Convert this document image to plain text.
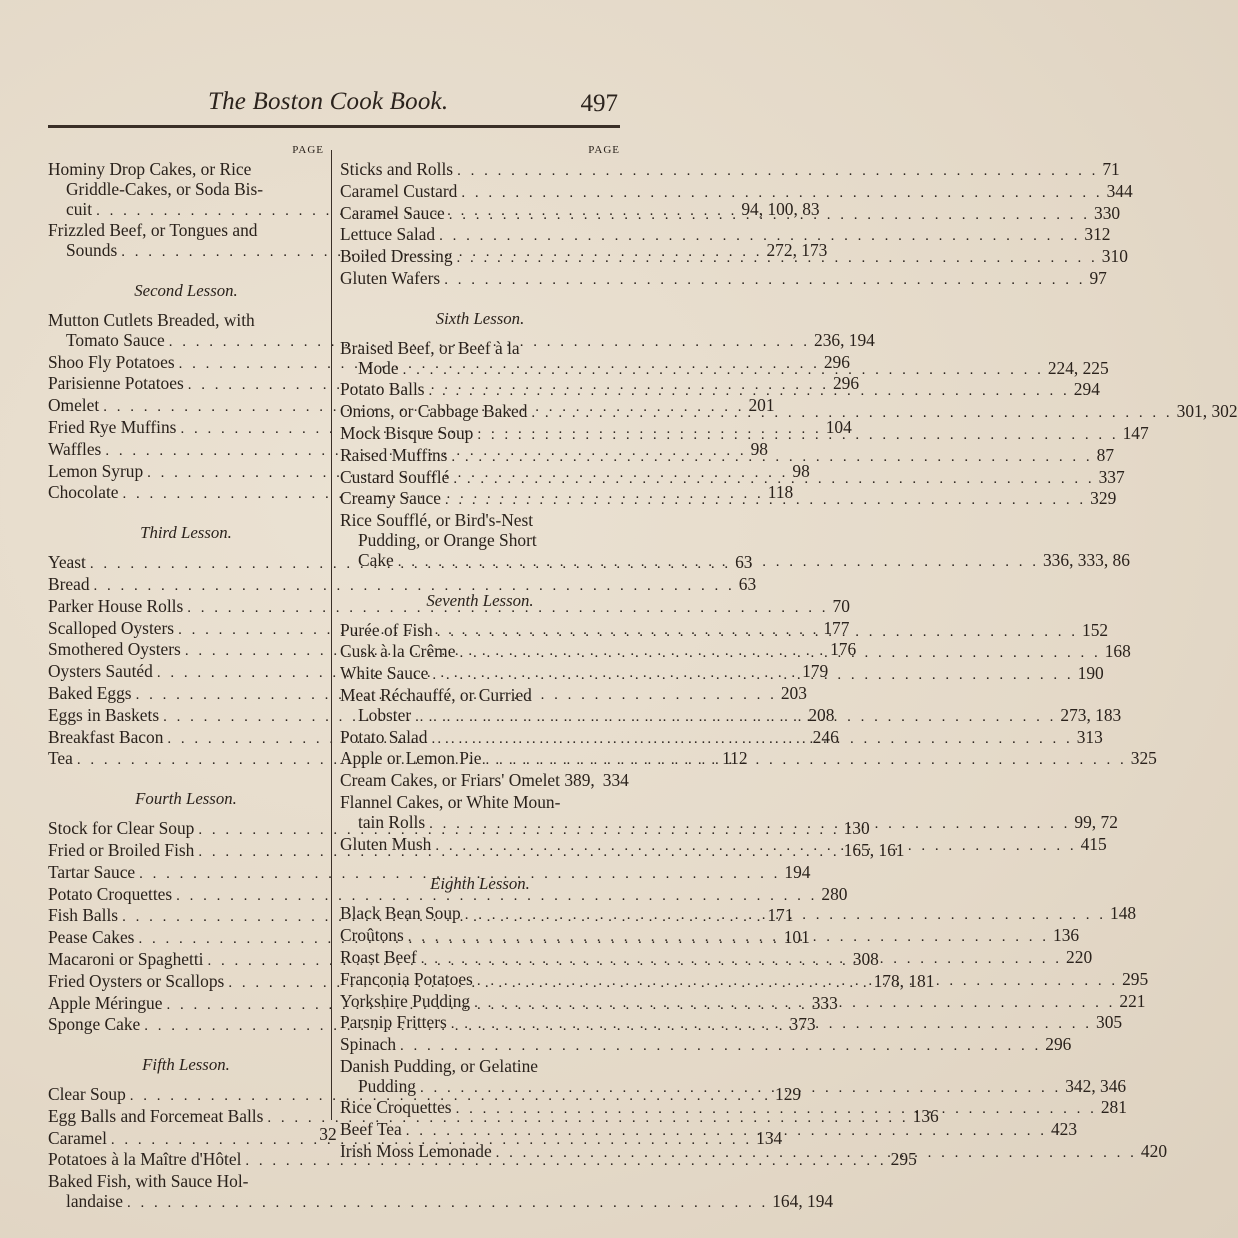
The Boston Cook Book.	497
PAGE
Hominy Drop Cakes, or Rice
Griddle-Cakes, or Soda Bis-
cuit . . .	94, 100, 83
Frizzled Beef, or Tongues and
Sounds . . .	272, 173
Second Lesson.
Mutton Cutlets Breaded, with
Tomato Sauce . . .	236, 194
Shoo Fly Potatoes . . .	296
Parisienne Potatoes . . .	296
Omelet . . .	201
Fried Rye Muffins . . .	104
Waffles . . .	98
Lemon Syrup . . .	98
Chocolate . . .	118
Third Lesson.
Yeast . . .	63
Bread . . .	63
Parker House Rolls . . .	70
Scalloped Oysters . . .	177
Smothered Oysters . . .	176
Oysters Sautéd . . .	179
Baked Eggs . . .	203
Eggs in Baskets . . .	208
Breakfast Bacon . . .	246
Tea . . .	112
Fourth Lesson.
Stock for Clear Soup . . .	130
Fried or Broiled Fish . . .	165, 161
Tartar Sauce . . .	194
Potato Croquettes . . .	280
Fish Balls . . .	171
Pease Cakes . . .	101
Macaroni or Spaghetti . . .	308
Fried Oysters or Scallops . . .	178, 181
Apple Méringue . . .	333
Sponge Cake . . .	373
Fifth Lesson.
Clear Soup . . .	129
Egg Balls and Forcemeat Balls . . .	136
Caramel . . .	134
Potatoes à la Maître d'Hôtel . . .	295
Baked Fish, with Sauce Hol-
landaise . . .	164, 194
PAGE
Sticks and Rolls . . .	71
Caramel Custard . . .	344
Caramel Sauce . . .	330
Lettuce Salad . . .	312
Boiled Dressing . . .	310
Gluten Wafers . . .	97
Sixth Lesson.
Braised Beef, or Beef à la
Mode . . .	224, 225
Potato Balls . . .	294
Onions, or Cabbage Baked . . .	301, 302
Mock Bisque Soup . . .	147
Raised Muffins . . .	87
Custard Soufflé . . .	337
Creamy Sauce . . .	329
Rice Soufflé, or Bird's-Nest
Pudding, or Orange Short
Cake . . .	336, 333, 86
Seventh Lesson.
Purée of Fish . . .	152
Cusk à la Crême . . .	168
White Sauce . . .	190
Meat Réchauffé, or Curried
Lobster . . .	273, 183
Potato Salad . . .	313
Apple or Lemon Pie . . .	325
Cream Cakes, or Friars' Omelet 389, 334
Flannel Cakes, or White Moun-
tain Rolls . . .	99, 72
Gluten Mush . . .	415
Eighth Lesson.
Black Bean Soup . . .	148
Croûtons . . .	136
Roast Beef . . .	220
Franconia Potatoes . . .	295
Yorkshire Pudding . . .	221
Parsnip Fritters . . .	305
Spinach . . .	296
Danish Pudding, or Gelatine
Pudding . . .	342, 346
Rice Croquettes . . .	281
Beef Tea . . .	423
Irish Moss Lemonade . . .	420
32
